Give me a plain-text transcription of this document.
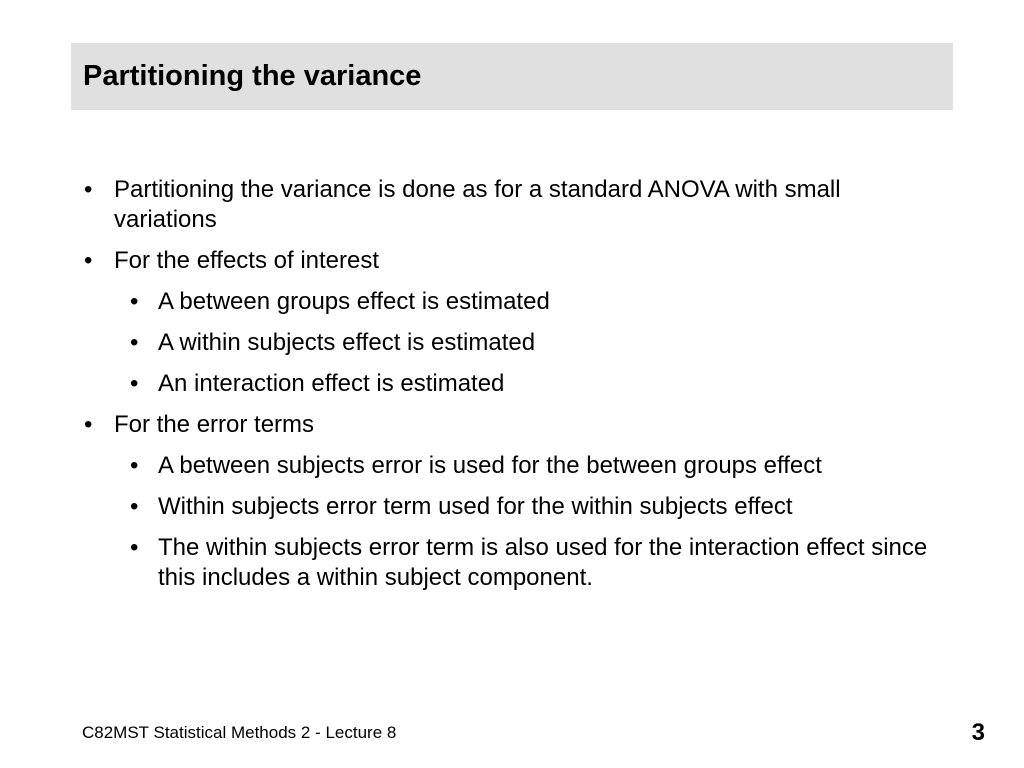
Partitioning the variance
• Partitioning the variance is done as for a standard ANOVA with small variations
• For the effects of interest
• A between groups effect is estimated
• A within subjects effect is estimated
• An interaction effect is estimated
• For the error terms
• A between subjects error is used for the between groups effect
• Within subjects error term used for the within subjects effect
• The within subjects error term is also used for the interaction effect since this includes a within subject component.
C82MST Statistical Methods 2 - Lecture 8	3
